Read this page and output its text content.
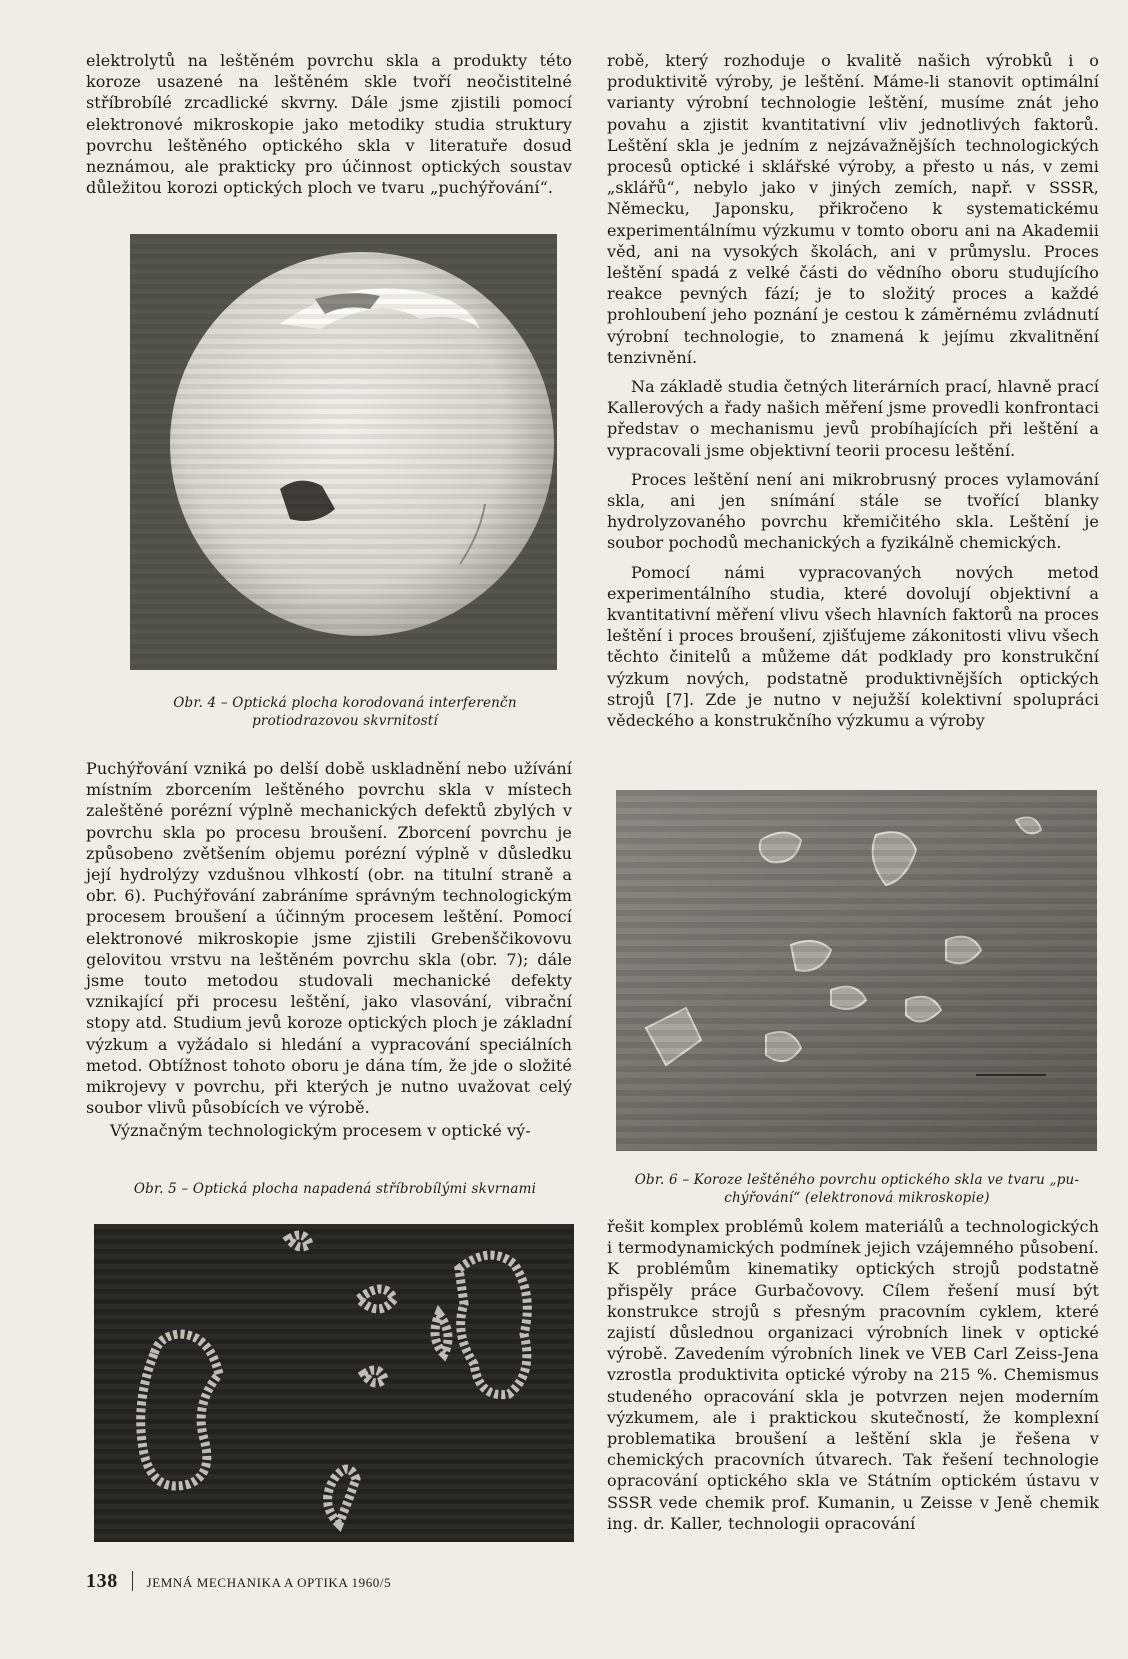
elektrolytů na leštěném povrchu skla a produkty této koroze usazené na leštěném skle tvoří neočistitelné stříbrobílé zrcadlické skvrny. Dále jsme zjistili pomocí elektronové mikroskopie jako metodiky studia struktury povrchu leštěného optického skla v literatuře dosud neznámou, ale prakticky pro účinnost optických soustav důležitou korozi optických ploch ve tvaru „puchýřování“.

Obr. 4 – Optická plocha korodovaná interferenčn
protiodrazovou skvrnitostí

Puchýřování vzniká po delší době uskladnění nebo užívání místním zborcením leštěného povrchu skla v místech zaleštěné porézní výplně mechanických defektů zbylých v povrchu skla po procesu broušení. Zborcení povrchu je způsobeno zvětšením objemu porézní výplně v důsledku její hydrolýzy vzdušnou vlhkostí (obr. na titulní straně a obr. 6). Puchýřování zabráníme správným technologickým procesem broušení a účinným procesem leštění. Pomocí elektronové mikroskopie jsme zjistili Grebenščikovovu gelovitou vrstvu na leštěném povrchu skla (obr. 7); dále jsme touto metodou studovali mechanické defekty vznikající při procesu leštění, jako vlasování, vibrační stopy atd. Studium jevů koroze optických ploch je základní výzkum a vyžádalo si hledání a vypracování speciálních metod. Obtížnost tohoto oboru je dána tím, že jde o složité mikrojevy v povrchu, při kterých je nutno uvažovat celý soubor vlivů působících ve výrobě.

Význačným technologickým procesem v optické vý-

Obr. 5 – Optická plocha napadená stříbrobílými skvrnami

robě, který rozhoduje o kvalitě našich výrobků i o produktivitě výroby, je leštění. Máme-li stanovit optimální varianty výrobní technologie leštění, musíme znát jeho povahu a zjistit kvantitativní vliv jednotlivých faktorů. Leštění skla je jedním z nejzávažnějších technologických procesů optické i sklářské výroby, a přesto u nás, v zemi „sklářů“, nebylo jako v jiných zemích, např. v SSSR, Německu, Japonsku, přikročeno k systematickému experimentálnímu výzkumu v tomto oboru ani na Akademii věd, ani na vysokých školách, ani v průmyslu. Proces leštění spadá z velké části do vědního oboru studujícího reakce pevných fází; je to složitý proces a každé prohloubení jeho poznání je cestou k záměrnému zvládnutí výrobní technologie, to znamená k jejímu zkvalitnění tenzivnění.

Na základě studia četných literárních prací, hlavně prací Kallerových a řady našich měření jsme provedli konfrontaci představ o mechanismu jevů probíhajících při leštění a vypracovali jsme objektivní teorii procesu leštění.

Proces leštění není ani mikrobrusný proces vylamování skla, ani jen snímání stále se tvořící blanky hydrolyzovaného povrchu křemičitého skla. Leštění je soubor pochodů mechanických a fyzikálně chemických.

Pomocí námi vypracovaných nových metod experimentálního studia, které dovolují objektivní a kvantitativní měření vlivu všech hlavních faktorů na proces leštění i proces broušení, zjišťujeme zákonitosti vlivu všech těchto činitelů a můžeme dát podklady pro konstrukční výzkum nových, podstatně produktivnějších optických strojů [7]. Zde je nutno v nejužší kolektivní spolupráci vědeckého a konstrukčního výzkumu a výroby

Obr. 6 – Koroze leštěného povrchu optického skla ve tvaru „pu-
chýřování“ (elektronová mikroskopie)

řešit komplex problémů kolem materiálů a technologických i termodynamických podmínek jejich vzájemného působení. K problémům kinematiky optických strojů podstatně přispěly práce Gurbačovovy. Cílem řešení musí být konstrukce strojů s přesným pracovním cyklem, které zajistí důslednou organizaci výrobních linek v optické výrobě. Zavedením výrobních linek ve VEB Carl Zeiss-Jena vzrostla produktivita optické výroby na 215 %. Chemismus studeného opracování skla je potvrzen nejen moderním výzkumem, ale i praktickou skutečností, že komplexní problematika broušení a leštění skla je řešena v chemických pracovních útvarech. Tak řešení technologie opracování optického skla ve Státním optickém ústavu v SSSR vede chemik prof. Kumanin, u Zeisse v Jeně chemik ing. dr. Kaller, technologii opracování

138 JEMNÁ MECHANIKA A OPTIKA 1960/5
